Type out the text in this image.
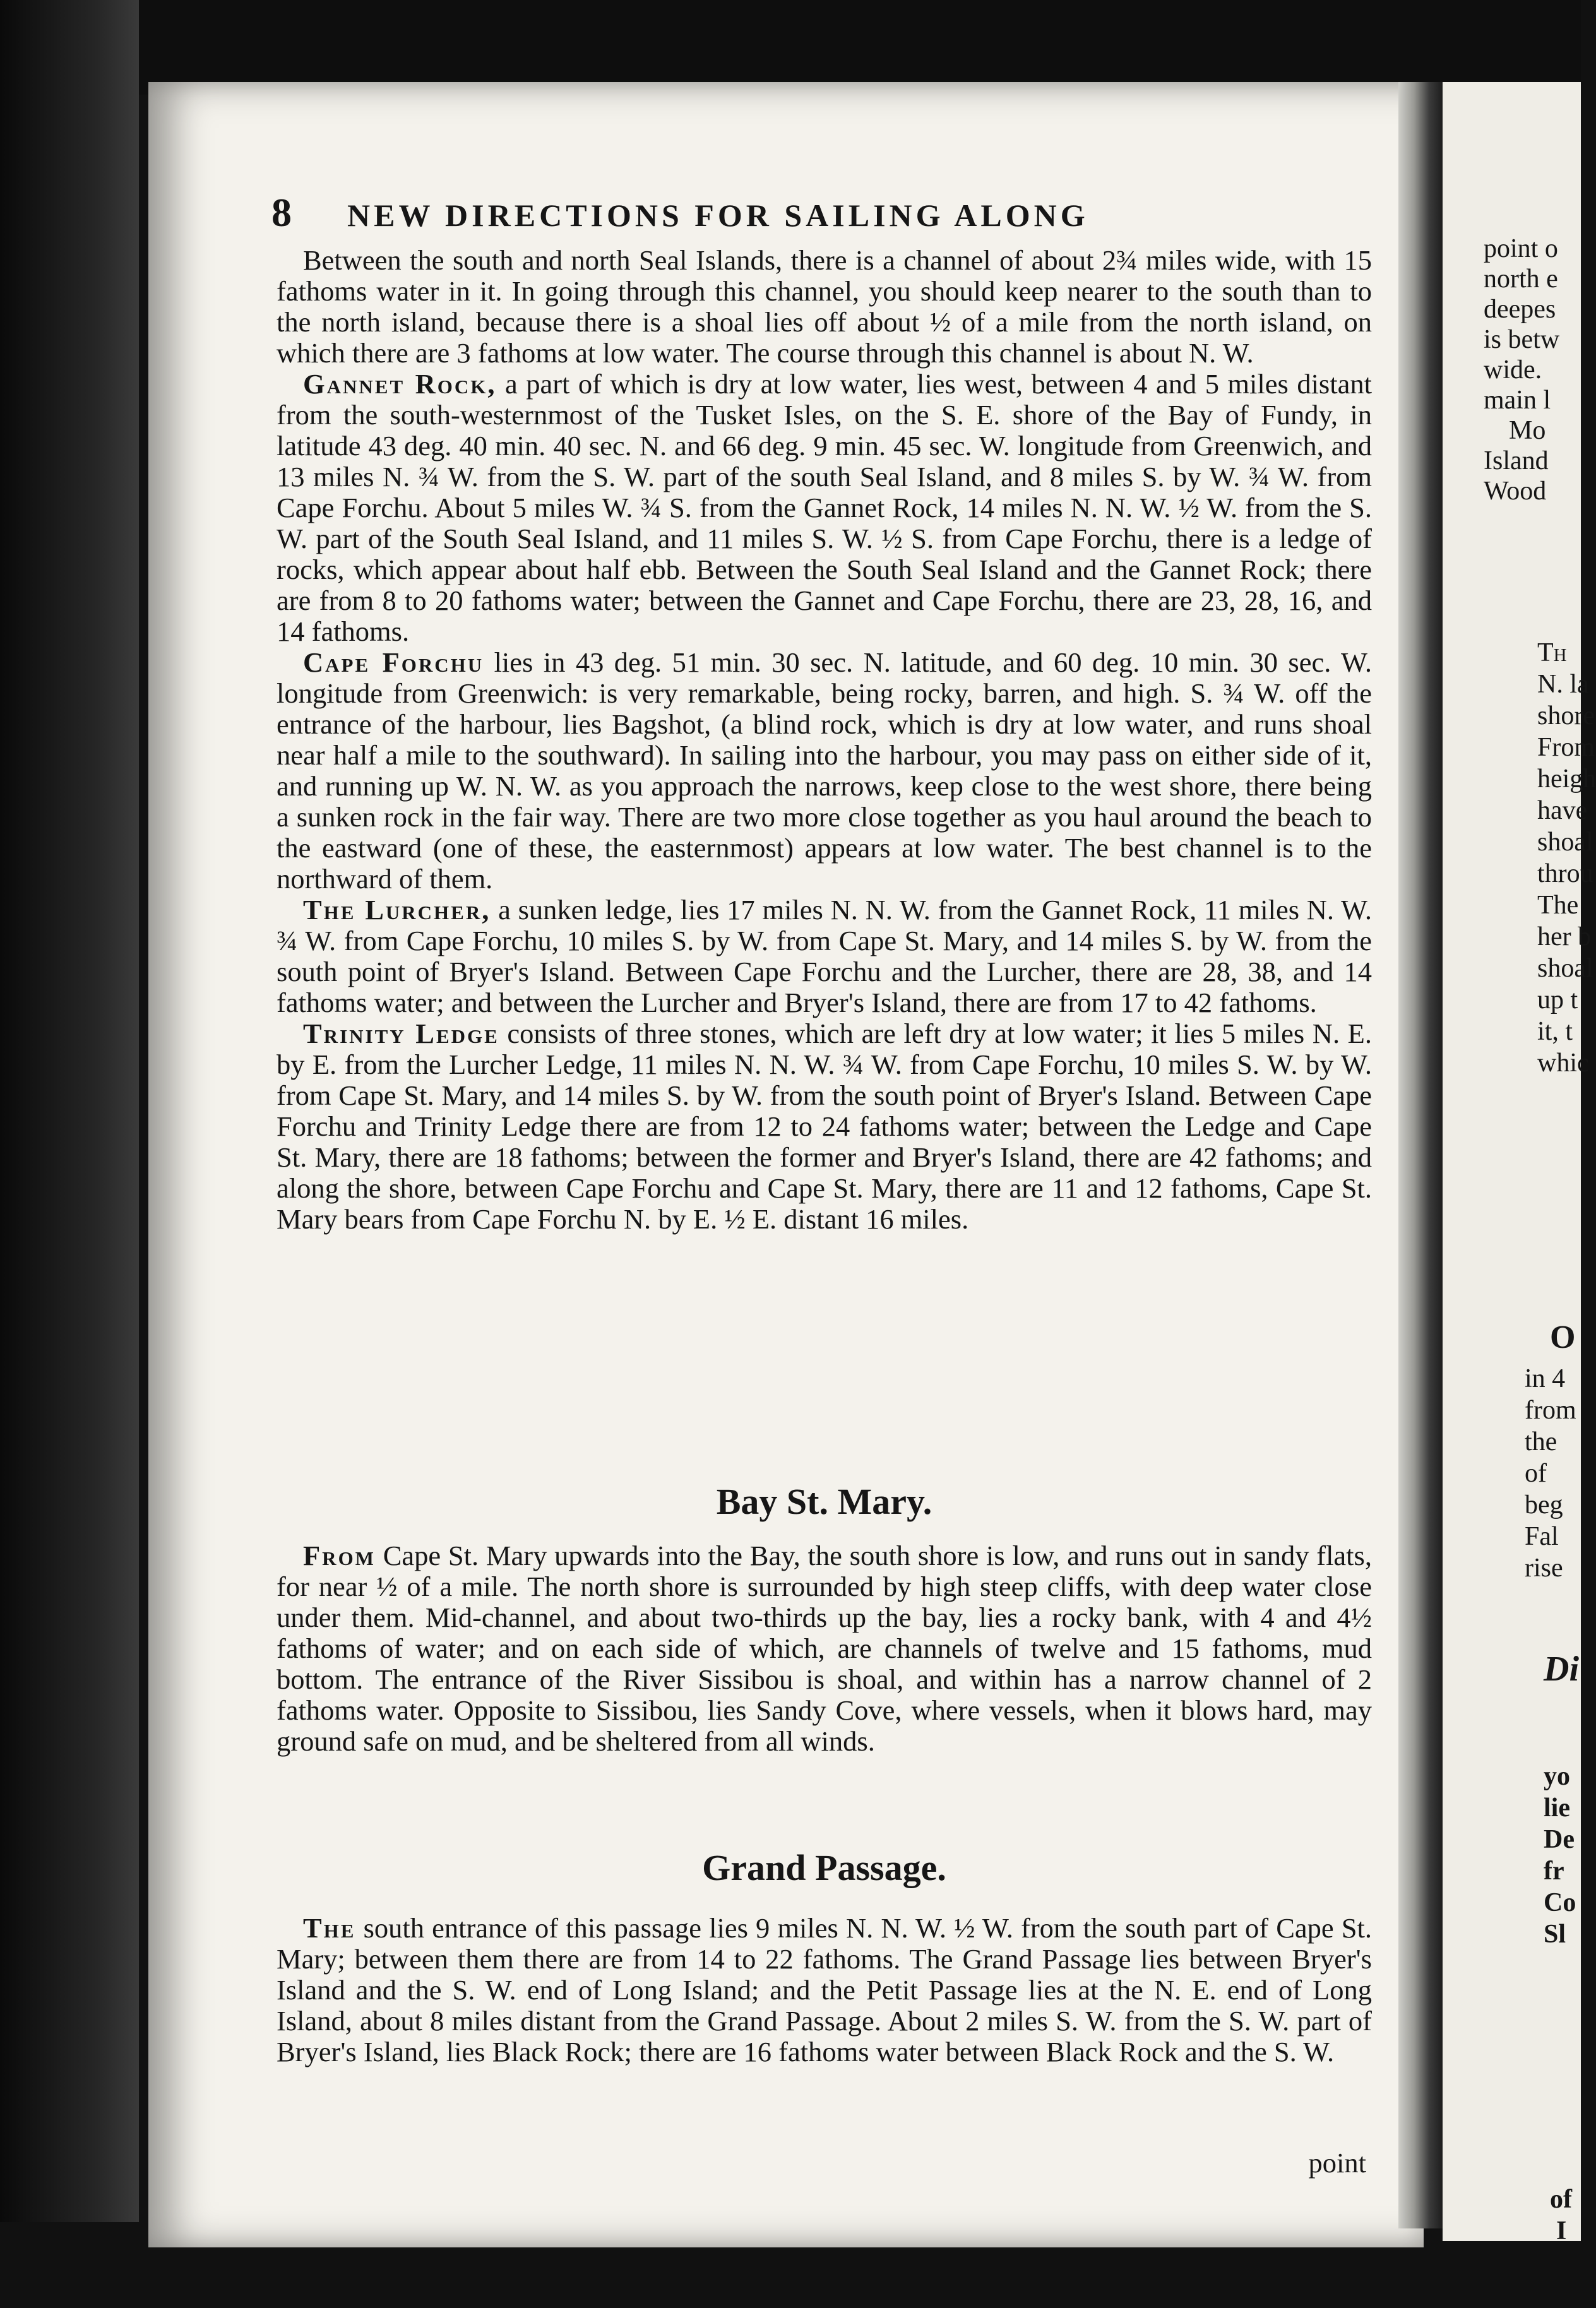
8	NEW DIRECTIONS FOR SAILING ALONG

Between the south and north Seal Islands, there is a channel of about 2¾ miles wide, with 15 fathoms water in it. In going through this channel, you should keep nearer to the south than to the north island, because there is a shoal lies off about ½ of a mile from the north island, on which there are 3 fathoms at low water. The course through this channel is about N. W.

Gannet Rock, a part of which is dry at low water, lies west, between 4 and 5 miles distant from the south-westernmost of the Tusket Isles, on the S. E. shore of the Bay of Fundy, in latitude 43 deg. 40 min. 40 sec. N. and 66 deg. 9 min. 45 sec. W. longitude from Greenwich, and 13 miles N. ¾ W. from the S. W. part of the south Seal Island, and 8 miles S. by W. ¾ W. from Cape Forchu. About 5 miles W. ¾ S. from the Gannet Rock, 14 miles N. N. W. ½ W. from the S. W. part of the South Seal Island, and 11 miles S. W. ½ S. from Cape Forchu, there is a ledge of rocks, which appear about half ebb. Between the South Seal Island and the Gannet Rock; there are from 8 to 20 fathoms water; between the Gannet and Cape Forchu, there are 23, 28, 16, and 14 fathoms.

Cape Forchu lies in 43 deg. 51 min. 30 sec. N. latitude, and 60 deg. 10 min. 30 sec. W. longitude from Greenwich: is very remarkable, being rocky, barren, and high. S. ¾ W. off the entrance of the harbour, lies Bagshot, (a blind rock, which is dry at low water, and runs shoal near half a mile to the southward). In sailing into the harbour, you may pass on either side of it, and running up W. N. W. as you approach the narrows, keep close to the west shore, there being a sunken rock in the fair way. There are two more close together as you haul around the beach to the eastward (one of these, the easternmost) appears at low water. The best channel is to the northward of them.

The Lurcher, a sunken ledge, lies 17 miles N. N. W. from the Gannet Rock, 11 miles N. W. ¾ W. from Cape Forchu, 10 miles S. by W. from Cape St. Mary, and 14 miles S. by W. from the south point of Bryer's Island. Between Cape Forchu and the Lurcher, there are 28, 38, and 14 fathoms water; and between the Lurcher and Bryer's Island, there are from 17 to 42 fathoms.

Trinity Ledge consists of three stones, which are left dry at low water; it lies 5 miles N. E. by E. from the Lurcher Ledge, 11 miles N. N. W. ¾ W. from Cape Forchu, 10 miles S. W. by W. from Cape St. Mary, and 14 miles S. by W. from the south point of Bryer's Island. Between Cape Forchu and Trinity Ledge there are from 12 to 24 fathoms water; between the Ledge and Cape St. Mary, there are 18 fathoms; between the former and Bryer's Island, there are 42 fathoms; and along the shore, between Cape Forchu and Cape St. Mary, there are 11 and 12 fathoms, Cape St. Mary bears from Cape Forchu N. by E. ½ E. distant 16 miles.

Bay St. Mary.

From Cape St. Mary upwards into the Bay, the south shore is low, and runs out in sandy flats, for near ½ of a mile. The north shore is surrounded by high steep cliffs, with deep water close under them. Mid-channel, and about two-thirds up the bay, lies a rocky bank, with 4 and 4½ fathoms of water; and on each side of which, are channels of twelve and 15 fathoms, mud bottom. The entrance of the River Sissibou is shoal, and within has a narrow channel of 2 fathoms water. Opposite to Sissibou, lies Sandy Cove, where vessels, when it blows hard, may ground safe on mud, and be sheltered from all winds.

Grand Passage.

The south entrance of this passage lies 9 miles N. N. W. ½ W. from the south part of Cape St. Mary; between them there are from 14 to 22 fathoms. The Grand Passage lies between Bryer's Island and the S. W. end of Long Island; and the Petit Passage lies at the N. E. end of Long Island, about 8 miles distant from the Grand Passage. About 2 miles S. W. from the S. W. part of Bryer's Island, lies Black Rock; there are 16 fathoms water between Black Rock and the S. W.

point
point o
north e
deepes
is betw
wide.
main l
Mo
Island
Wood
Th
N. la
shore
From
heigh
have
shoal
throu
The
her b
shoal
up t
it, t
whic
O
in 4
from
the
of
beg
Fal
rise
Di
yo
lie
De
fr
Co
Sl
of
I
